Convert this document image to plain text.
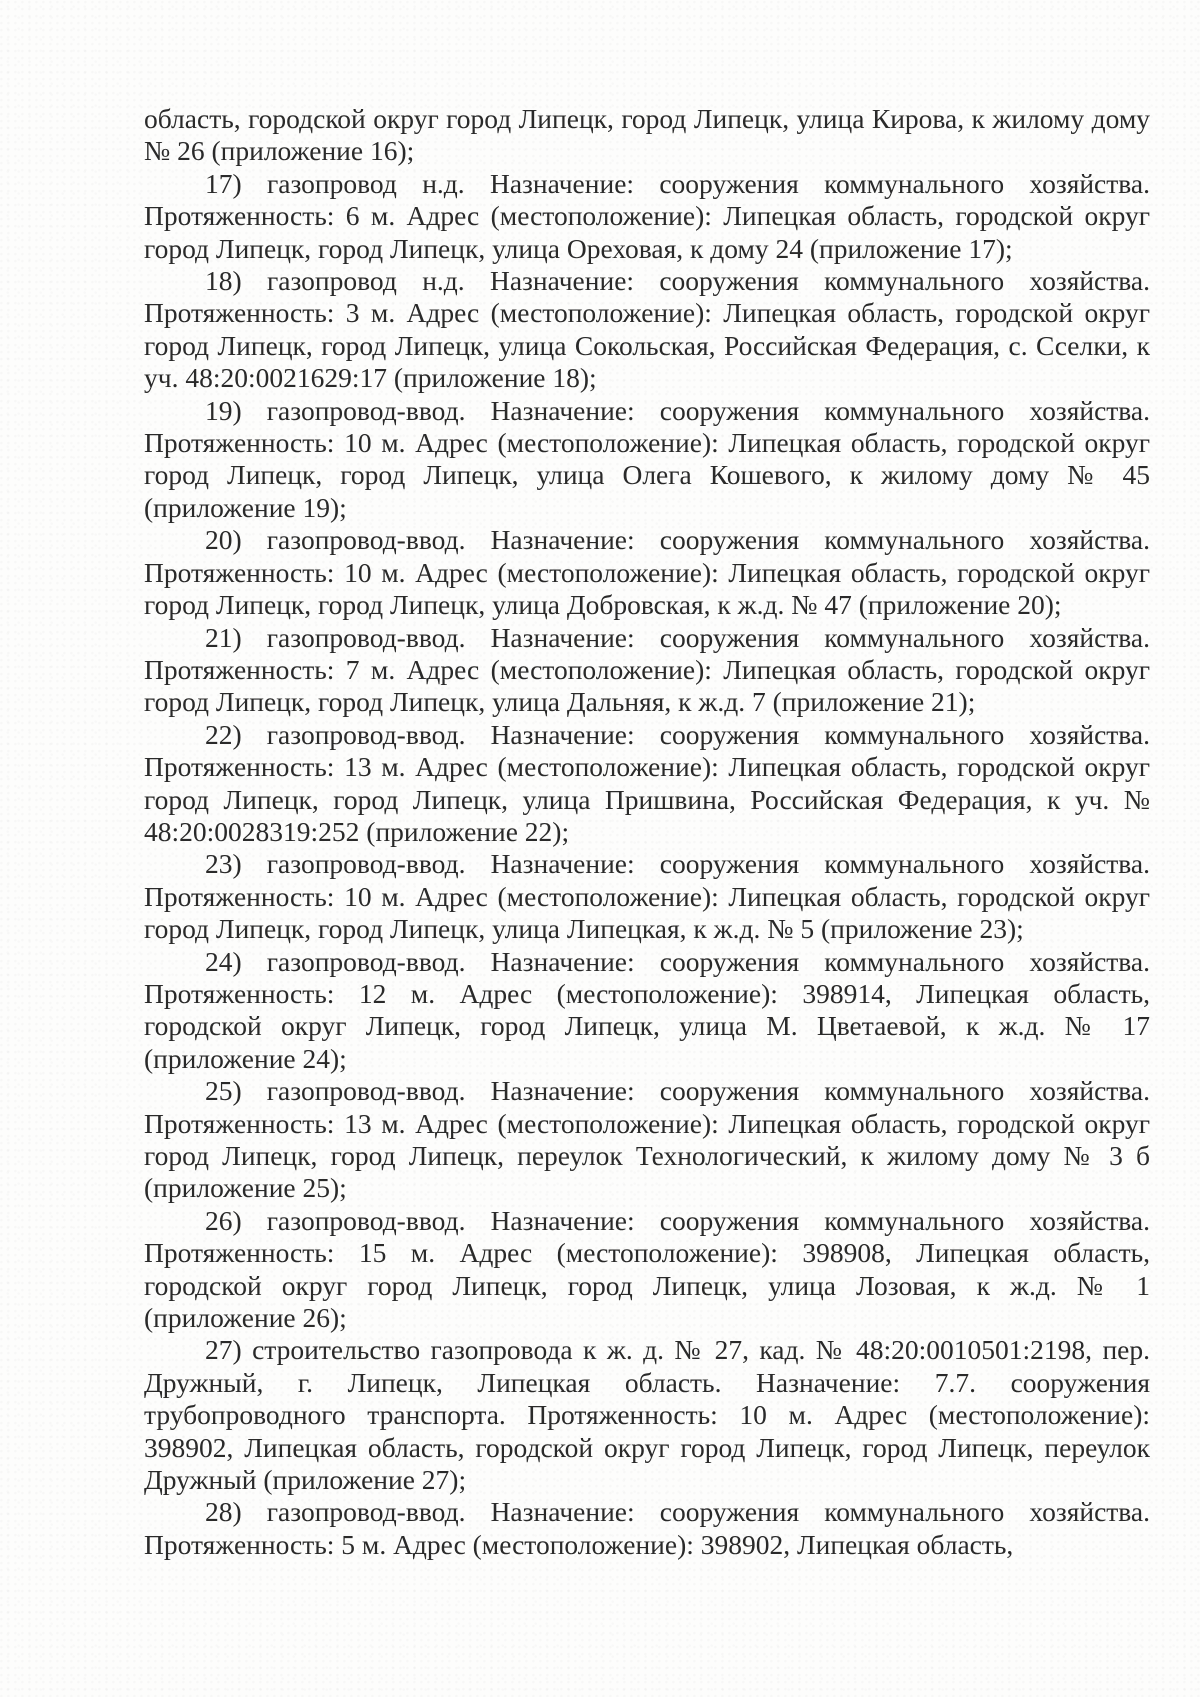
область, городской округ город Липецк, город Липецк, улица Кирова, к жилому дому № 26 (приложение 16);

17) газопровод н.д. Назначение: сооружения коммунального хозяйства. Протяженность: 6 м. Адрес (местоположение): Липецкая область, городской округ город Липецк, город Липецк, улица Ореховая, к дому 24 (приложение 17);

18) газопровод н.д. Назначение: сооружения коммунального хозяйства. Протяженность: 3 м. Адрес (местоположение): Липецкая область, городской округ город Липецк, город Липецк, улица Сокольская, Российская Федерация, с. Сселки, к уч. 48:20:0021629:17 (приложение 18);

19) газопровод-ввод. Назначение: сооружения коммунального хозяйства. Протяженность: 10 м. Адрес (местоположение): Липецкая область, городской округ город Липецк, город Липецк, улица Олега Кошевого, к жилому дому № 45 (приложение 19);

20) газопровод-ввод. Назначение: сооружения коммунального хозяйства. Протяженность: 10 м. Адрес (местоположение): Липецкая область, городской округ город Липецк, город Липецк, улица Добровская, к ж.д. № 47 (приложение 20);

21) газопровод-ввод. Назначение: сооружения коммунального хозяйства. Протяженность: 7 м. Адрес (местоположение): Липецкая область, городской округ город Липецк, город Липецк, улица Дальняя, к ж.д. 7 (приложение 21);

22) газопровод-ввод. Назначение: сооружения коммунального хозяйства. Протяженность: 13 м. Адрес (местоположение): Липецкая область, городской округ город Липецк, город Липецк, улица Пришвина, Российская Федерация, к уч. № 48:20:0028319:252 (приложение 22);

23) газопровод-ввод. Назначение: сооружения коммунального хозяйства. Протяженность: 10 м. Адрес (местоположение): Липецкая область, городской округ город Липецк, город Липецк, улица Липецкая, к ж.д. № 5 (приложение 23);

24) газопровод-ввод. Назначение: сооружения коммунального хозяйства. Протяженность: 12 м. Адрес (местоположение): 398914, Липецкая область, городской округ Липецк, город Липецк, улица М. Цветаевой, к ж.д. № 17 (приложение 24);

25) газопровод-ввод. Назначение: сооружения коммунального хозяйства. Протяженность: 13 м. Адрес (местоположение): Липецкая область, городской округ город Липецк, город Липецк, переулок Технологический, к жилому дому № 3 б (приложение 25);

26) газопровод-ввод. Назначение: сооружения коммунального хозяйства. Протяженность: 15 м. Адрес (местоположение): 398908, Липецкая область, городской округ город Липецк, город Липецк, улица Лозовая, к ж.д. № 1 (приложение 26);

27) строительство газопровода к ж. д. № 27, кад. № 48:20:0010501:2198, пер. Дружный, г. Липецк, Липецкая область. Назначение: 7.7. сооружения трубопроводного транспорта. Протяженность: 10 м. Адрес (местоположение): 398902, Липецкая область, городской округ город Липецк, город Липецк, переулок Дружный (приложение 27);

28) газопровод-ввод. Назначение: сооружения коммунального хозяйства. Протяженность: 5 м. Адрес (местоположение): 398902, Липецкая область,
